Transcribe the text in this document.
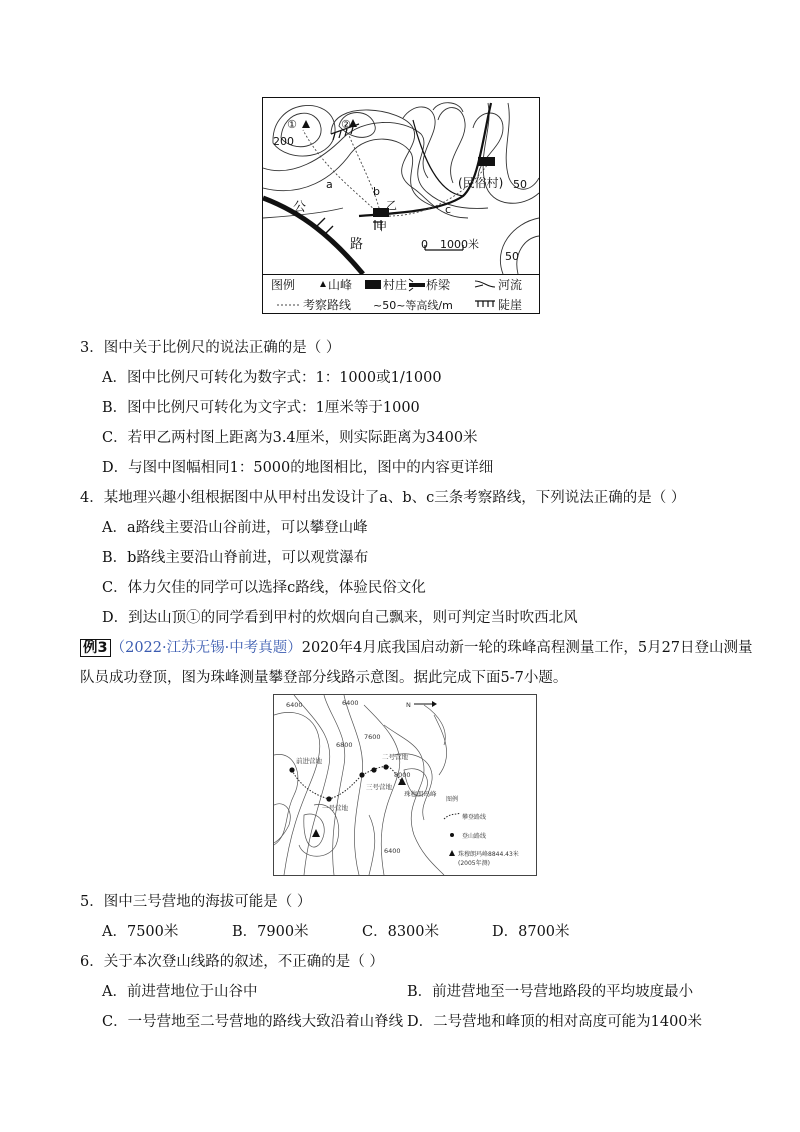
①	②
200
a
b
c
乙
甲
(民俗村) 50
50
公
路	0 1000米
图例	山峰	村庄 桥梁	河流
考察路线 ~50~等高线/m	陡崖
3．图中关于比例尺的说法正确的是（ ）
A．图中比例尺可转化为数字式：1：1000或1/1000
B．图中比例尺可转化为文字式：1厘米等于1000
C．若甲乙两村图上距离为3.4厘米，则实际距离为3400米
D．与图中图幅相同1：5000的地图相比，图中的内容更详细
4．某地理兴趣小组根据图中从甲村出发设计了a、b、c三条考察路线，下列说法正确的是（ ）
A．a路线主要沿山谷前进，可以攀登山峰
B．b路线主要沿山脊前进，可以观赏瀑布
C．体力欠佳的同学可以选择c路线，体验民俗文化
D．到达山顶①的同学看到甲村的炊烟向自己飘来，则可判定当时吹西北风
例3 （2022·江苏无锡·中考真题）2020年4月底我国启动新一轮的珠峰高程测量工作，5月27日登山测量
队员成功登顶，图为珠峰测量攀登部分线路示意图。据此完成下面5-7小题。
6400	6400	N
6800
7600
8000
6400
前进营地	二号营地
三号营地
一号营地
珠穆朗玛峰
图例
攀登路线
登山路线
珠穆朗玛峰8844.43米
(2005年测)
5．图中三号营地的海拔可能是（ ）
A．7500米	B．7900米	C．8300米	D．8700米
6．关于本次登山线路的叙述，不正确的是（ ）
A．前进营地位于山谷中	B．前进营地至一号营地路段的平均坡度最小
C．一号营地至二号营地的路线大致沿着山脊线 D．二号营地和峰顶的相对高度可能为1400米
